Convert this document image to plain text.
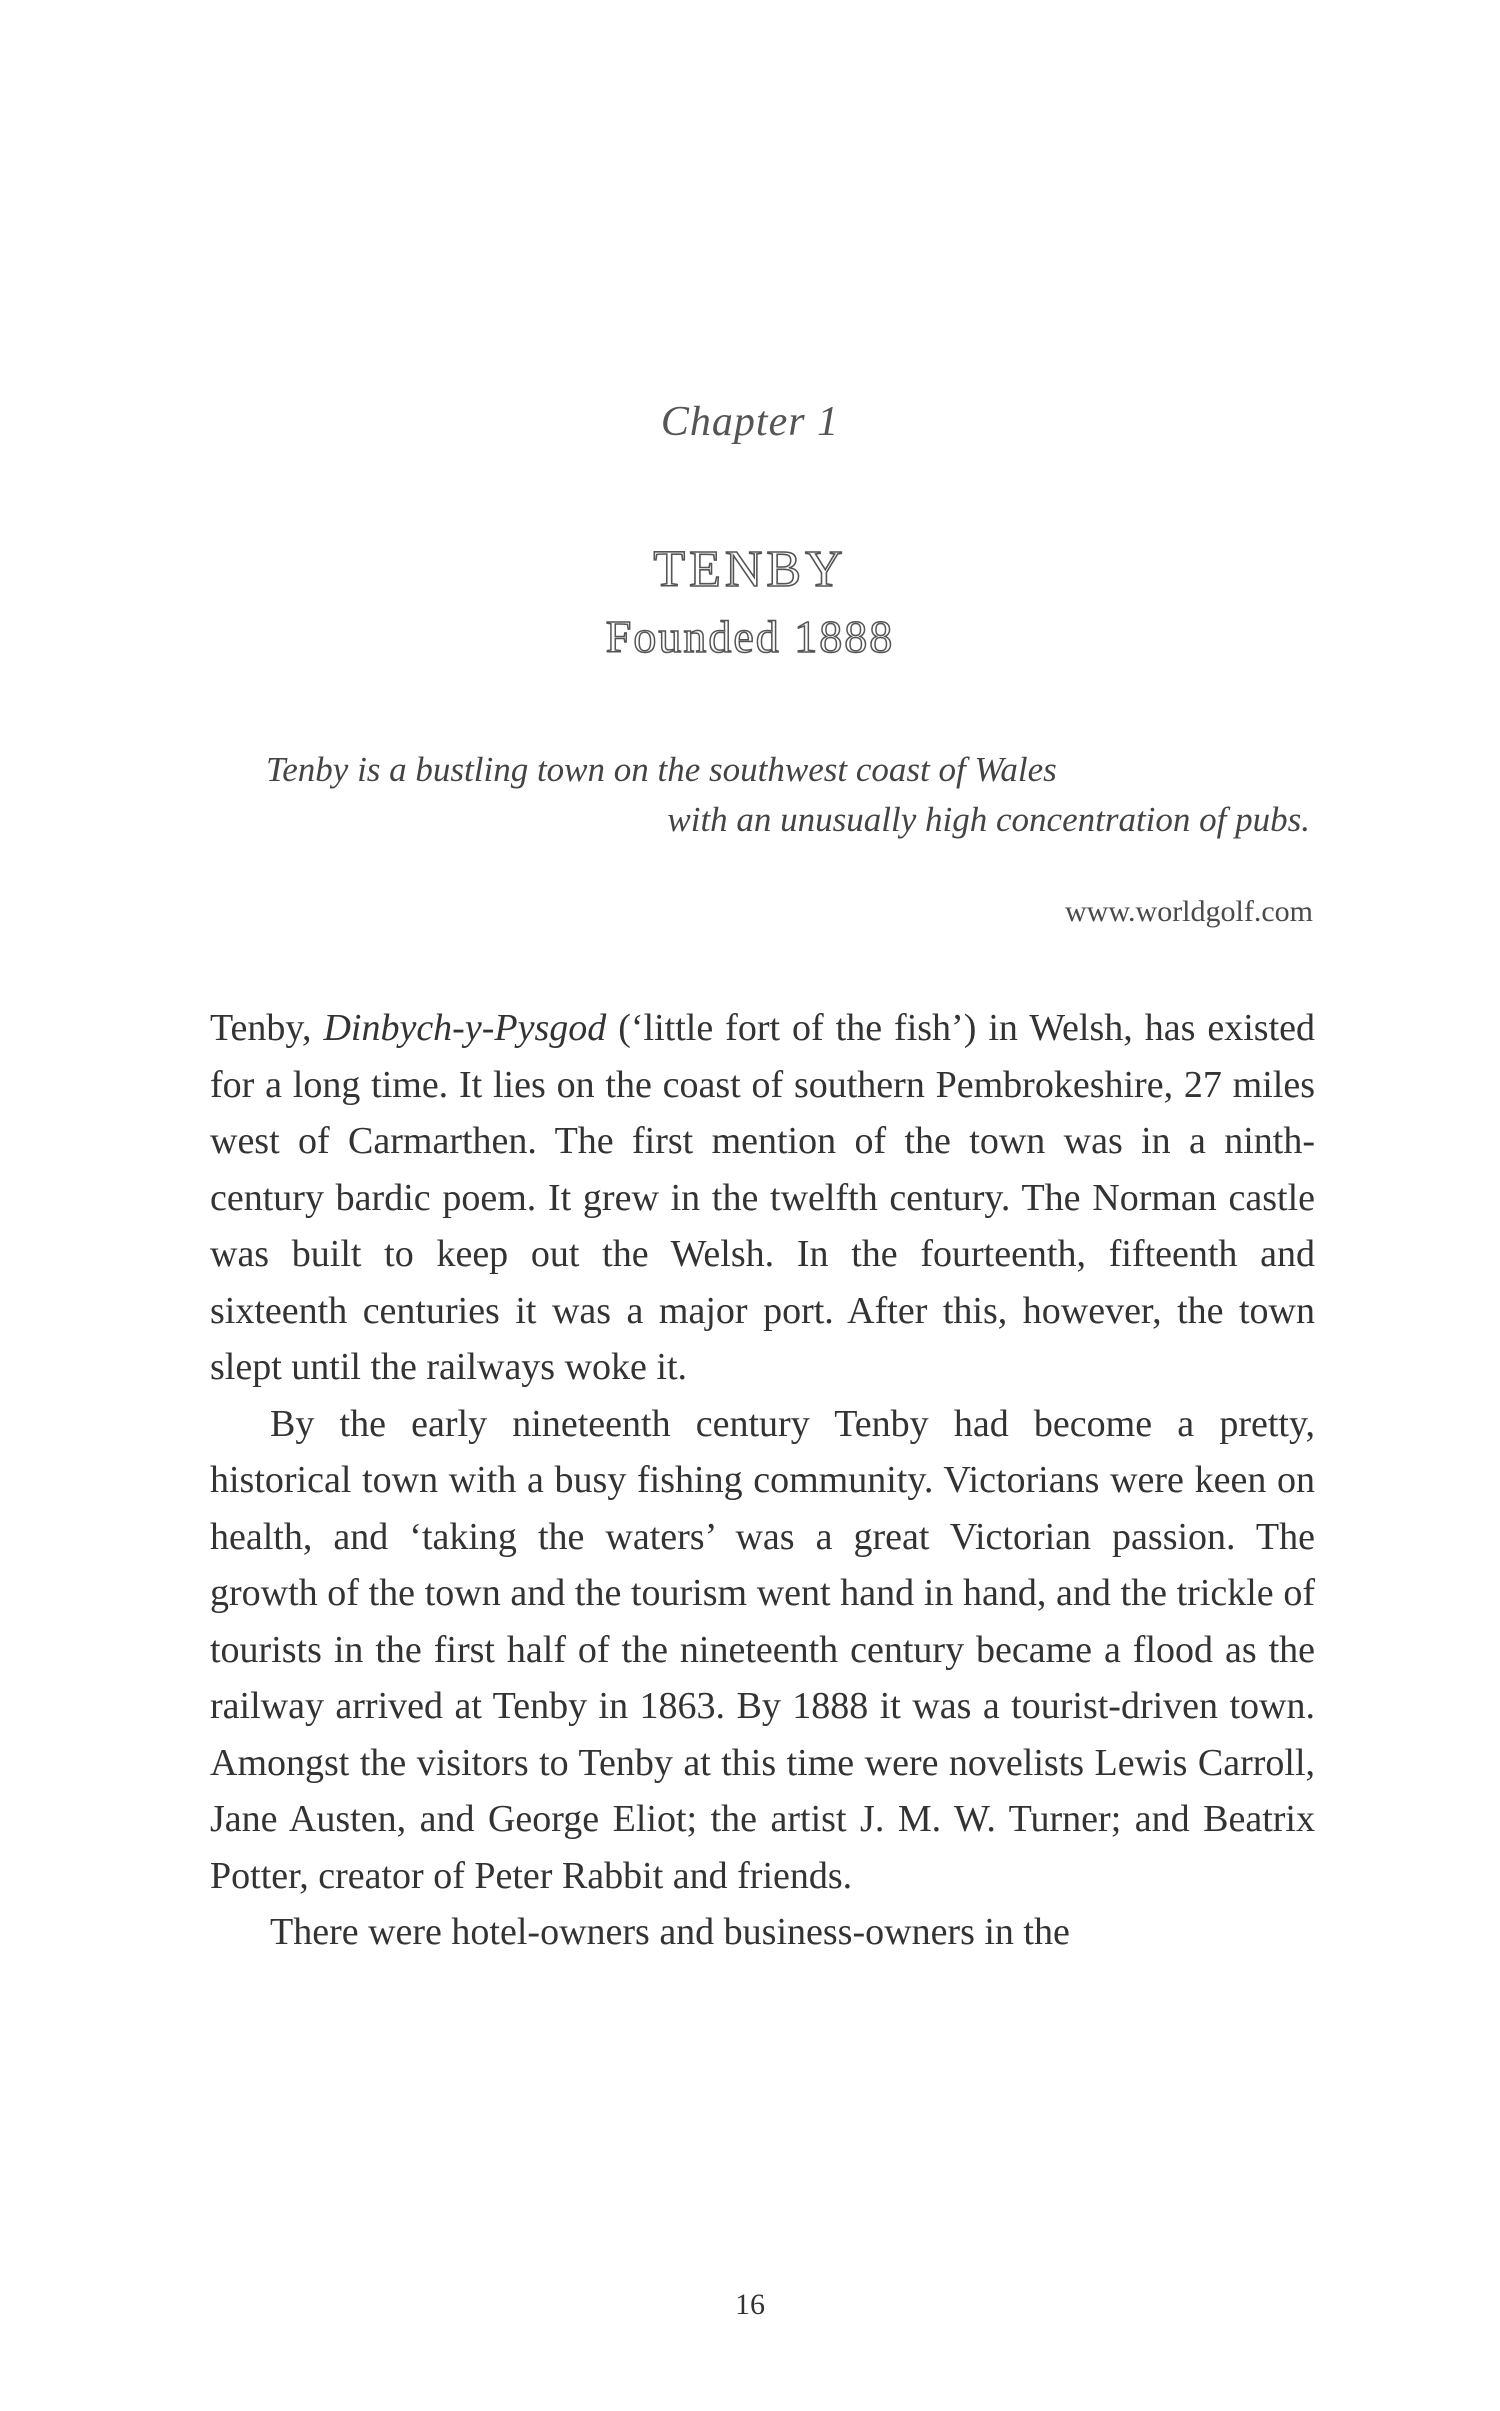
Chapter 1
TENBY
Founded 1888
Tenby is a bustling town on the southwest coast of Wales
with an unusually high concentration of pubs.
www.worldgolf.com

Tenby, Dinbych-y-Pysgod (‘little fort of the fish’) in Welsh, has existed for a long time. It lies on the coast of southern Pembrokeshire, 27 miles west of Carmarthen. The first mention of the town was in a ninth-century bardic poem. It grew in the twelfth century. The Norman castle was built to keep out the Welsh. In the fourteenth, fifteenth and sixteenth centuries it was a major port. After this, however, the town slept until the railways woke it.

By the early nineteenth century Tenby had become a pretty, historical town with a busy fishing community. Victorians were keen on health, and ‘taking the waters’ was a great Victorian passion. The growth of the town and the tourism went hand in hand, and the trickle of tourists in the first half of the nineteenth century became a flood as the railway arrived at Tenby in 1863. By 1888 it was a tourist-driven town. Amongst the visitors to Tenby at this time were novelists Lewis Carroll, Jane Austen, and George Eliot; the artist J. M. W. Turner; and Beatrix Potter, creator of Peter Rabbit and friends.

There were hotel-owners and business-owners in the

16
